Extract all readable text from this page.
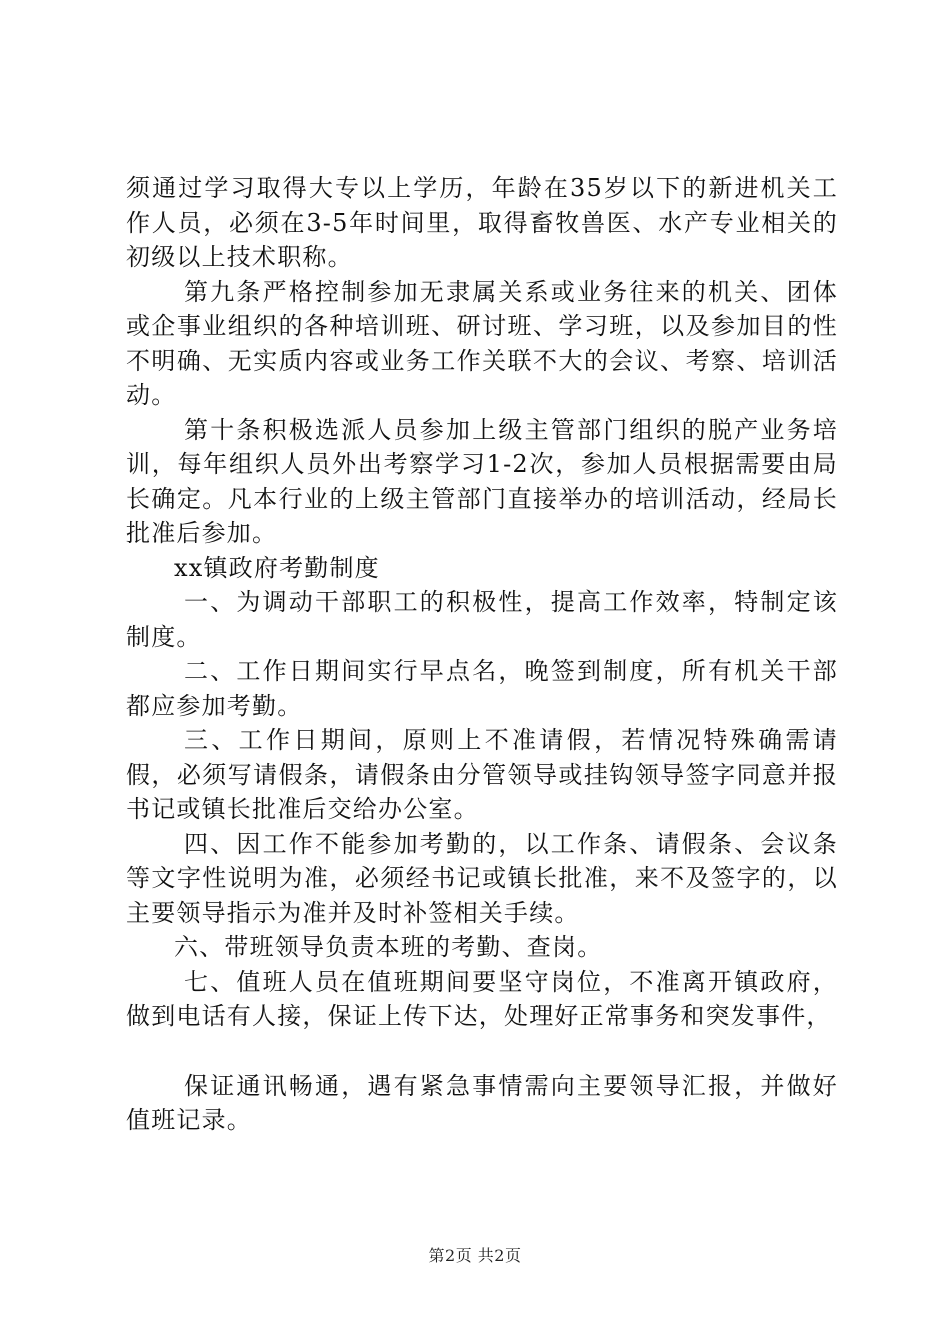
须通过学习取得大专以上学历，年龄在35岁以下的新进机关工作人员，必须在3-5年时间里，取得畜牧兽医、水产专业相关的初级以上技术职称。

第九条严格控制参加无隶属关系或业务往来的机关、团体或企事业组织的各种培训班、研讨班、学习班，以及参加目的性不明确、无实质内容或业务工作关联不大的会议、考察、培训活动。

第十条积极选派人员参加上级主管部门组织的脱产业务培训，每年组织人员外出考察学习1-2次，参加人员根据需要由局长确定。凡本行业的上级主管部门直接举办的培训活动，经局长批准后参加。

xx镇政府考勤制度

一、为调动干部职工的积极性，提高工作效率，特制定该制度。

二、工作日期间实行早点名，晚签到制度，所有机关干部都应参加考勤。

三、工作日期间，原则上不准请假，若情况特殊确需请假，必须写请假条，请假条由分管领导或挂钩领导签字同意并报书记或镇长批准后交给办公室。

四、因工作不能参加考勤的，以工作条、请假条、会议条等文字性说明为准，必须经书记或镇长批准，来不及签字的，以主要领导指示为准并及时补签相关手续。

六、带班领导负责本班的考勤、查岗。

七、值班人员在值班期间要坚守岗位，不准离开镇政府，做到电话有人接，保证上传下达，处理好正常事务和突发事件，

保证通讯畅通，遇有紧急事情需向主要领导汇报，并做好值班记录。

第2页 共2页
